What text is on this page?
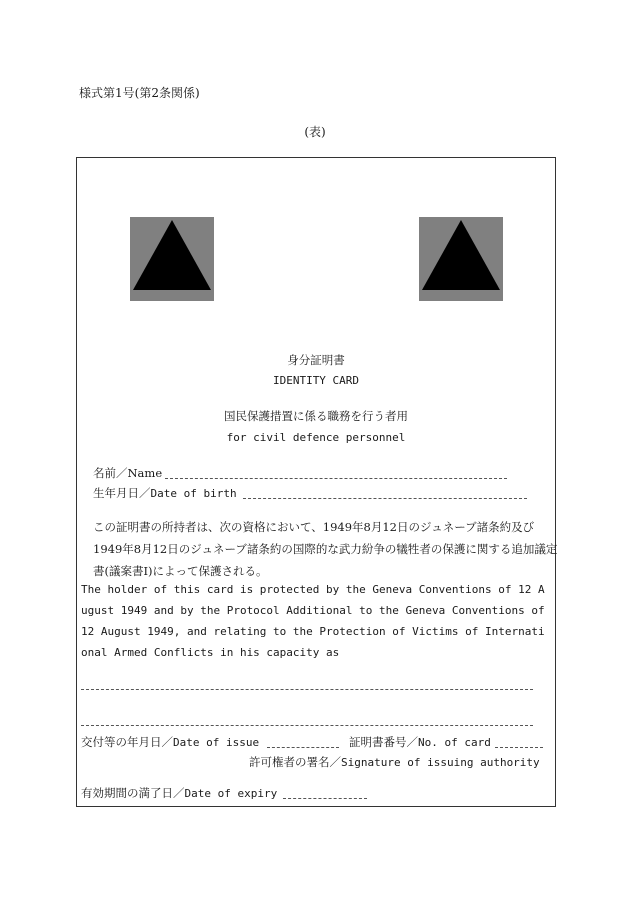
様式第1号(第2条関係)
(表)
身分証明書
IDENTITY CARD
国民保護措置に係る職務を行う者用
for civil defence personnel
名前／Name
生年月日／Date of birth
この証明書の所持者は、次の資格において、1949年8月12日のジュネーブ諸条約及び1949年8月12日のジュネーブ諸条約の国際的な武力紛争の犠牲者の保護に関する追加議定書(議案書Ⅰ)によって保護される。
The holder of this card is protected by the Geneva Conventions of 12 August 1949 and by the Protocol Additional to the Geneva Conventions of 12 August 1949, and relating to the Protection of Victims of International Armed Conflicts in his capacity as
交付等の年月日／Date of issue	証明書番号／No. of card
許可権者の署名／Signature of issuing authority
有効期間の満了日／Date of expiry
